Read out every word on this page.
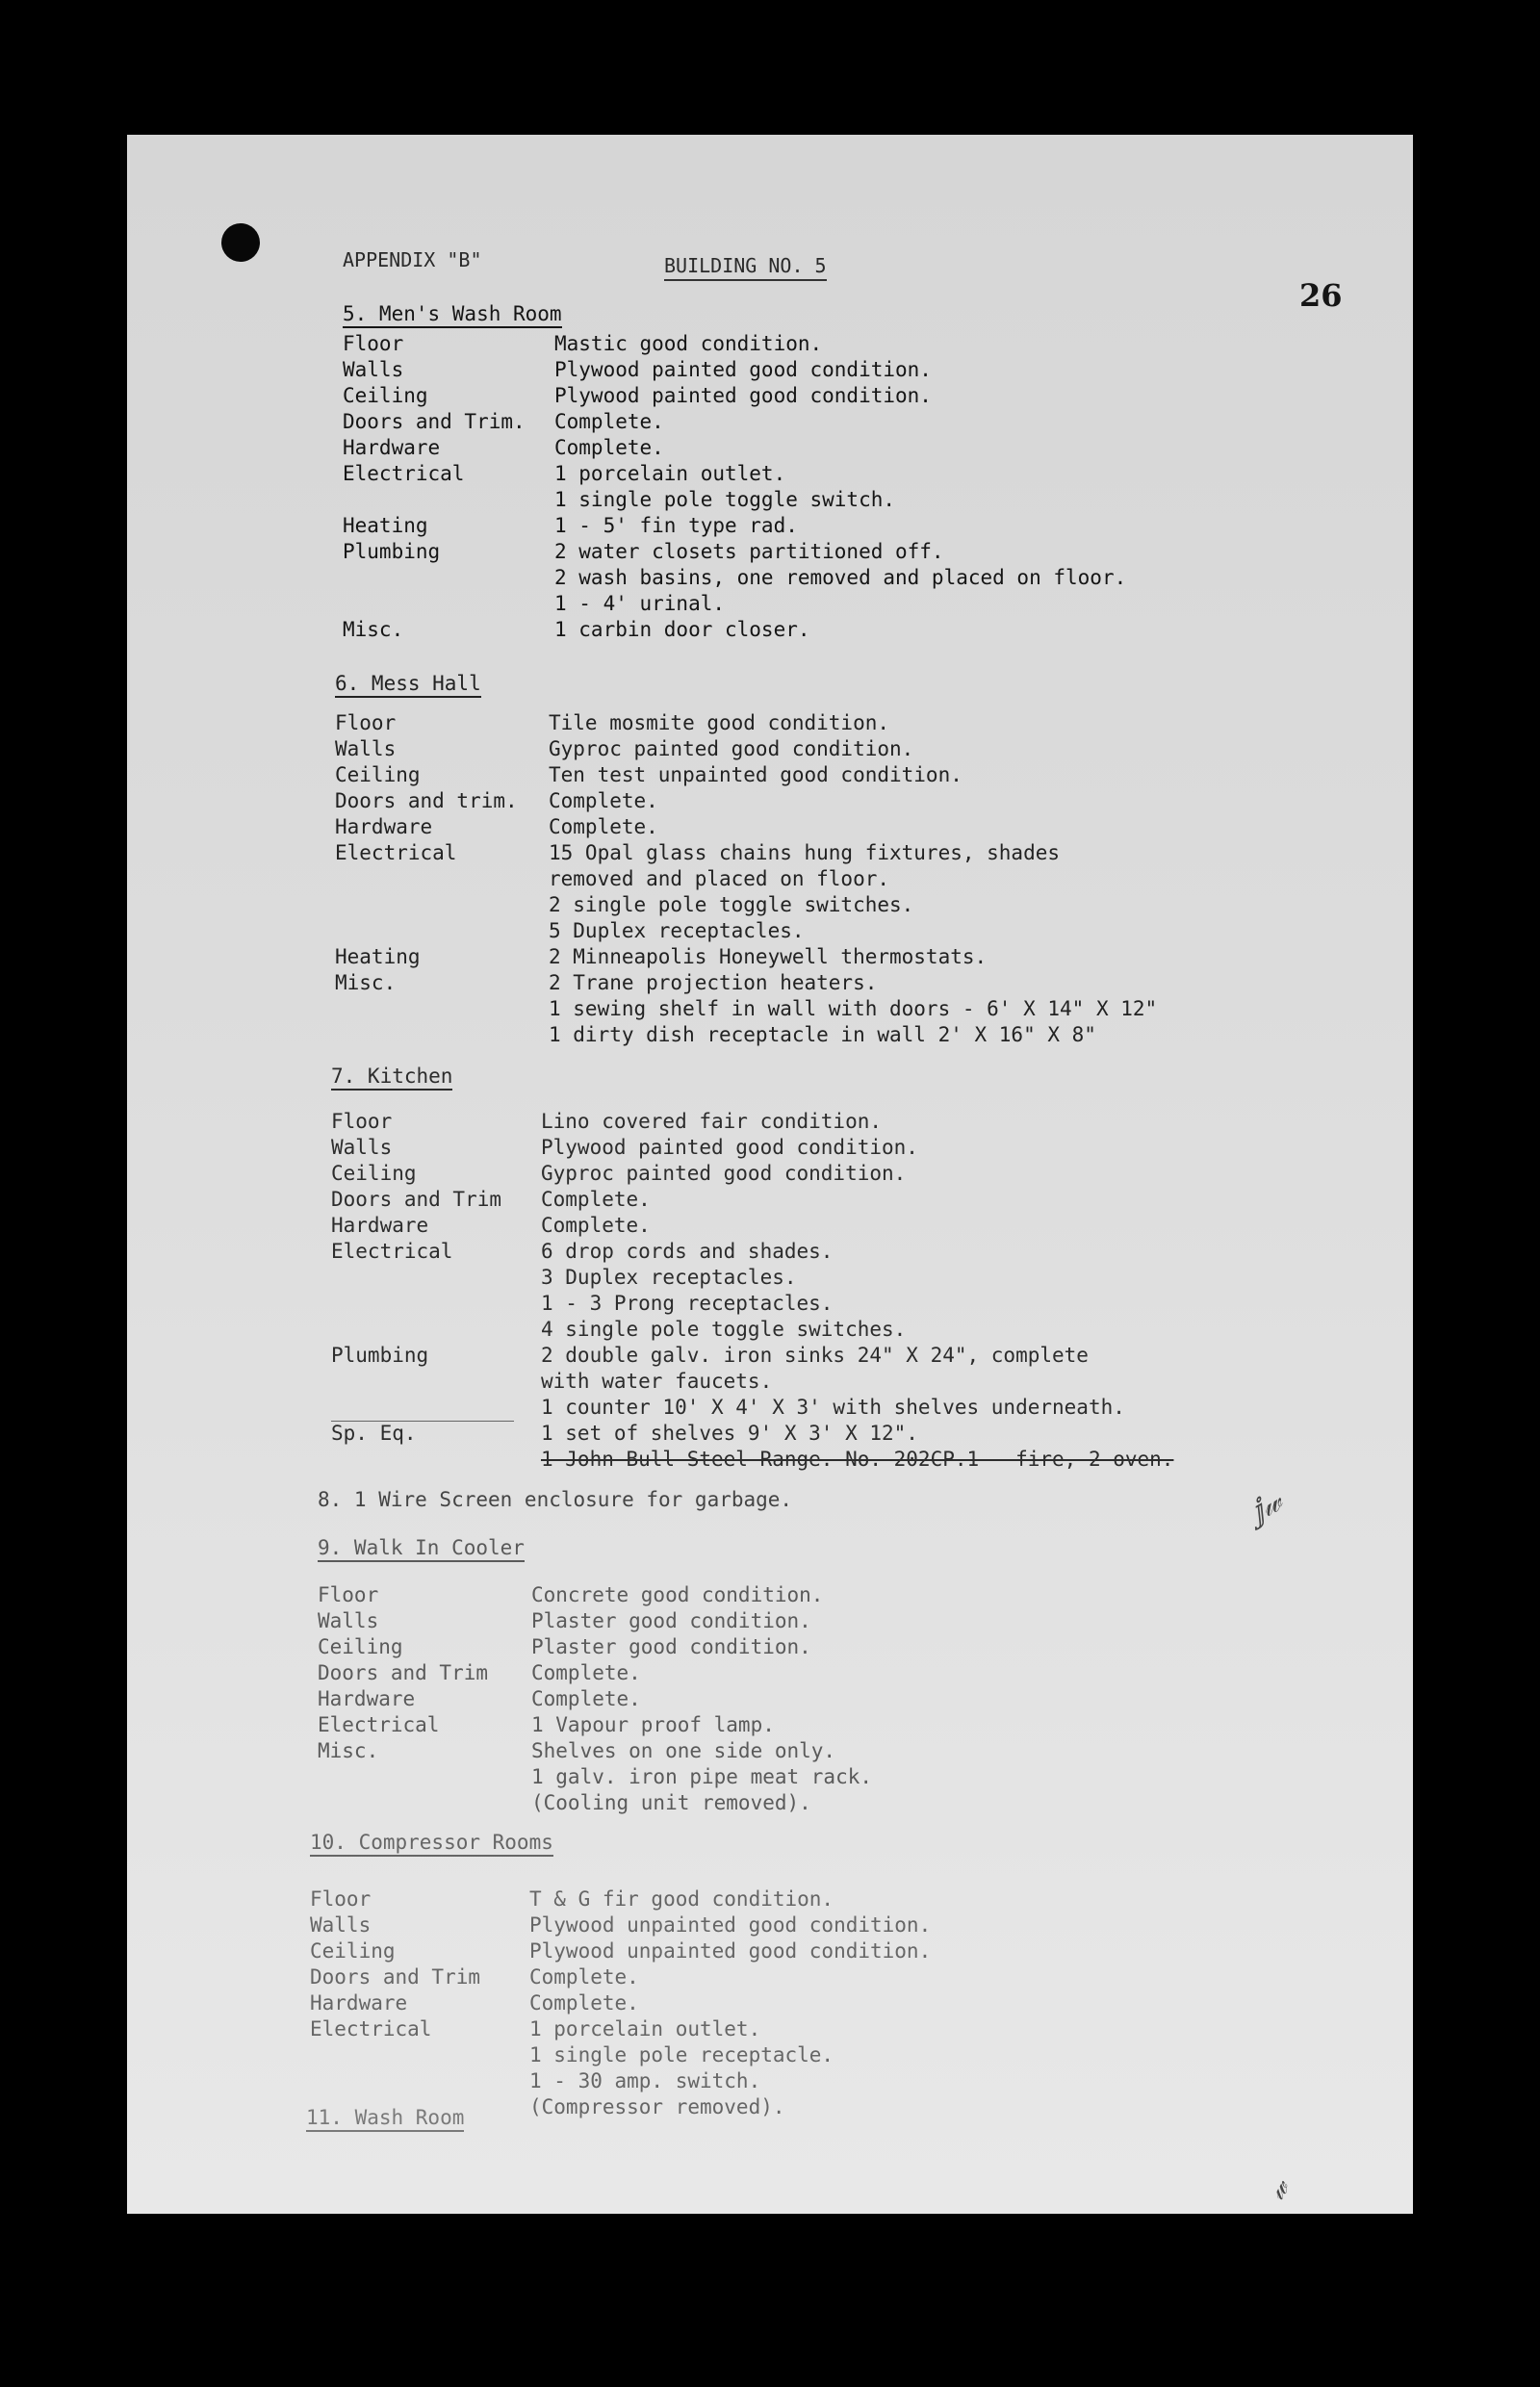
APPENDIX "B"	BUILDING NO. 5
26
5. Men's Wash Room
Floor	Mastic good condition.
Walls	Plywood painted good condition.
Ceiling	Plywood painted good condition.
Doors and Trim. Complete.
Hardware	Complete.
Electrical	1 porcelain outlet.
1 single pole toggle switch.
Heating	1 - 5' fin type rad.
Plumbing	2 water closets partitioned off.
2 wash basins, one removed and placed on floor.
1 - 4' urinal.
Misc.	1 carbin door closer.
6. Mess Hall
Floor	Tile mosmite good condition.
Walls	Gyproc painted good condition.
Ceiling	Ten test unpainted good condition.
Doors and trim. Complete.
Hardware	Complete.
Electrical	15 Opal glass chains hung fixtures, shades
removed and placed on floor.
2 single pole toggle switches.
5 Duplex receptacles.
Heating	2 Minneapolis Honeywell thermostats.
Misc.	2 Trane projection heaters.
1 sewing shelf in wall with doors - 6' X 14" X 12"
1 dirty dish receptacle in wall 2' X 16" X 8"
7. Kitchen
Floor	Lino covered fair condition.
Walls	Plywood painted good condition.
Ceiling	Gyproc painted good condition.
Doors and Trim Complete.
Hardware	Complete.
Electrical	6 drop cords and shades.
3 Duplex receptacles.
1 - 3 Prong receptacles.
4 single pole toggle switches.
Plumbing	2 double galv. iron sinks 24" X 24", complete
with water faucets.
1 counter 10' X 4' X 3' with shelves underneath.
Sp. Eq.	1 set of shelves 9' X 3' X 12".
1 John Bull Steel Range. No. 202CP.1 - fire, 2 oven.
8. 1 Wire Screen enclosure for garbage.
9. Walk In Cooler
Floor	Concrete good condition.
Walls	Plaster good condition.
Ceiling	Plaster good condition.
Doors and Trim Complete.
Hardware	Complete.
Electrical	1 Vapour proof lamp.
Misc.	Shelves on one side only.
1 galv. iron pipe meat rack.
(Cooling unit removed).
10. Compressor Rooms
Floor	T & G fir good condition.
Walls	Plywood unpainted good condition.
Ceiling	Plywood unpainted good condition.
Doors and Trim Complete.
Hardware	Complete.
Electrical	1 porcelain outlet.
1 single pole receptacle.
1 - 30 amp. switch.
(Compressor removed).
11. Wash Room
ⅉ𝓌
𝓌
